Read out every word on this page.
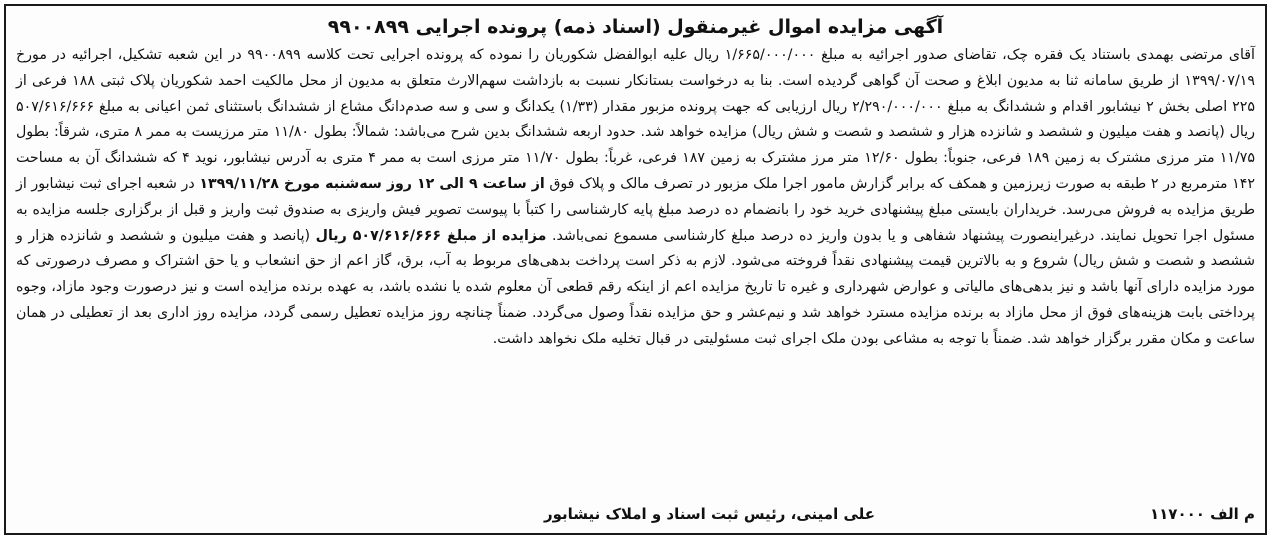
آگهی مزایده اموال غیرمنقول (اسناد ذمه) پرونده اجرایی ۹۹۰۰۸۹۹

آقای مرتضی بهمدی باستناد یک فقره چک، تقاضای صدور اجرائیه به مبلغ ۱/۶۶۵/۰۰۰/۰۰۰ ریال علیه ابوالفضل شکوریان را نموده که پرونده اجرایی تحت کلاسه ۹۹۰۰۸۹۹ در این شعبه تشکیل، اجرائیه در مورخ ۱۳۹۹/۰۷/۱۹ از طریق سامانه ثنا به مدیون ابلاغ و صحت آن گواهی گردیده است. بنا به درخواست بستانکار نسبت به بازداشت سهم‌الارث متعلق به مدیون از محل مالکیت احمد شکوریان پلاک ثبتی ۱۸۸ فرعی از ۲۲۵ اصلی بخش ۲ نیشابور اقدام و ششدانگ به مبلغ ۲/۲۹۰/۰۰۰/۰۰۰ ریال ارزیابی که جهت پرونده مزبور مقدار (۱/۳۳) یکدانگ و سی و سه صدم‌دانگ مشاع از ششدانگ باستثنای ثمن اعیانی به مبلغ ۵۰۷/۶۱۶/۶۶۶ ریال (پانصد و هفت میلیون و ششصد و شانزده هزار و ششصد و شصت و شش ریال) مزایده خواهد شد. حدود اربعه ششدانگ بدین شرح می‌باشد: شمالاً: بطول ۱۱/۸۰ متر مرزیست به ممر ۸ متری، شرقاً: بطول ۱۱/۷۵ متر مرزی مشترک به زمین ۱۸۹ فرعی، جنوباً: بطول ۱۲/۶۰ متر مرز مشترک به زمین ۱۸۷ فرعی، غرباً: بطول ۱۱/۷۰ متر مرزی است به ممر ۴ متری به آدرس نیشابور، نوید ۴ که ششدانگ آن به مساحت ۱۴۲ مترمربع در ۲ طبقه به صورت زیرزمین و همکف که برابر گزارش مامور اجرا ملک مزبور در تصرف مالک و پلاک فوق از ساعت ۹ الی ۱۲ روز سه‌شنبه مورخ ۱۳۹۹/۱۱/۲۸ در شعبه اجرای ثبت نیشابور از طریق مزایده به فروش می‌رسد. خریداران بایستی مبلغ پیشنهادی خرید خود را بانضمام ده درصد مبلغ پایه کارشناسی را کتباً با پیوست تصویر فیش واریزی به صندوق ثبت واریز و قبل از برگزاری جلسه مزایده به مسئول اجرا تحویل نمایند. درغیراینصورت پیشنهاد شفاهی و یا بدون واریز ده درصد مبلغ کارشناسی مسموع نمی‌باشد. مزایده از مبلغ ۵۰۷/۶۱۶/۶۶۶ ریال (پانصد و هفت میلیون و ششصد و شانزده هزار و ششصد و شصت و شش ریال) شروع و به بالاترین قیمت پیشنهادی نقداً فروخته می‌شود. لازم به ذکر است پرداخت بدهی‌های مربوط به آب، برق، گاز اعم از حق انشعاب و یا حق اشتراک و مصرف درصورتی که مورد مزایده دارای آنها باشد و نیز بدهی‌های مالیاتی و عوارض شهرداری و غیره تا تاریخ مزایده اعم از اینکه رقم قطعی آن معلوم شده یا نشده باشد، به عهده برنده مزایده است و نیز درصورت وجود مازاد، وجوه پرداختی بابت هزینه‌های فوق از محل مازاد به برنده مزایده مسترد خواهد شد و نیم‌عشر و حق مزایده نقداً وصول می‌گردد. ضمناً چنانچه روز مزایده تعطیل رسمی گردد، مزایده روز اداری بعد از تعطیلی در همان ساعت و مکان مقرر برگزار خواهد شد. ضمناً با توجه به مشاعی بودن ملک اجرای ثبت مسئولیتی در قبال تخلیه ملک نخواهد داشت.

م الف ۱۱۷۰۰۰
علی امینی، رئیس ثبت اسناد و املاک نیشابور
